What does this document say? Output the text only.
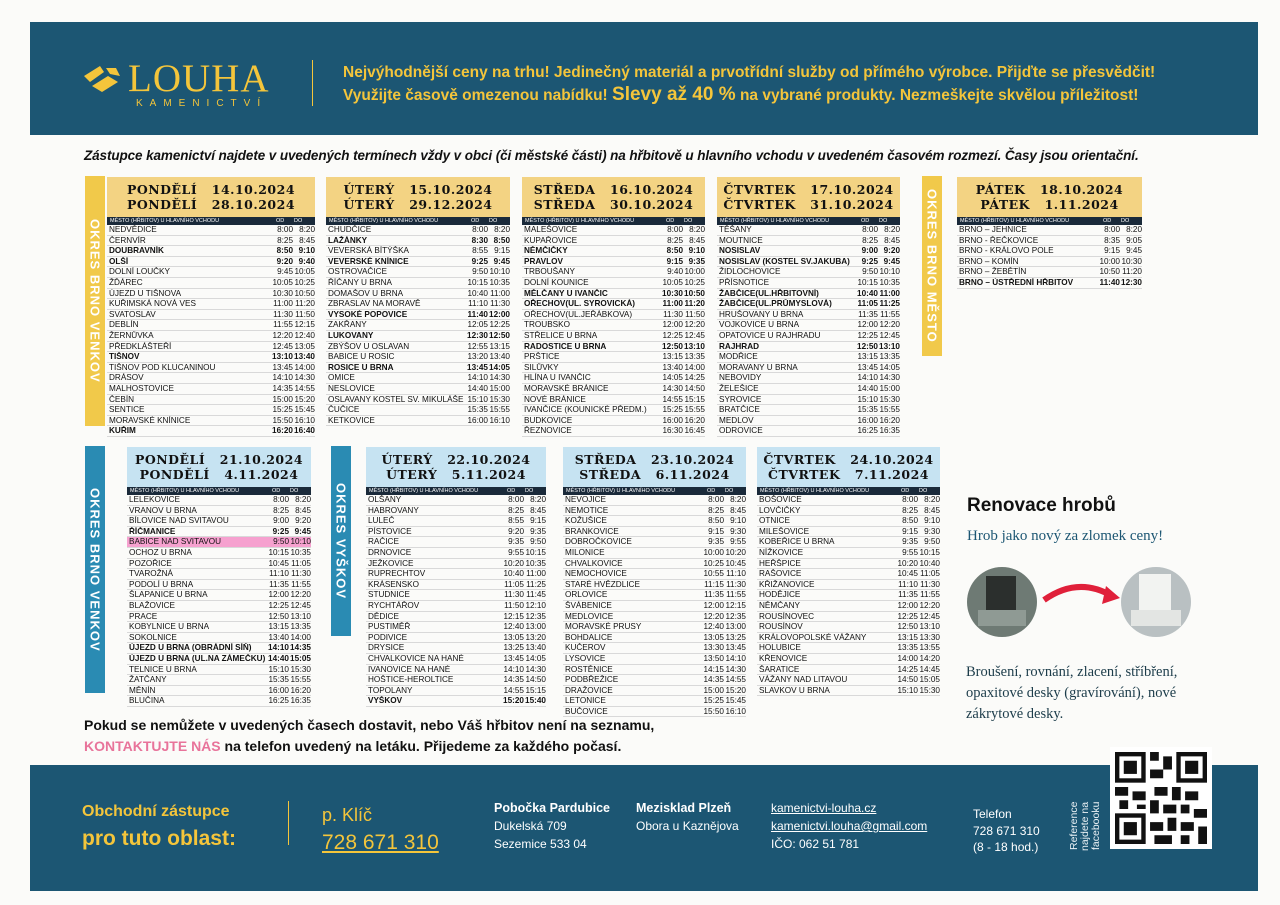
LOUHA
KAMENICTVÍ
Nejvýhodnější ceny na trhu! Jedinečný materiál a prvotřídní služby od přímého výrobce. Přijďte se přesvědčit!
Využijte časově omezenou nabídku! Slevy až 40 % na vybrané produkty. Nezmeškejte skvělou příležitost!
Zástupce kamenictví najdete v uvedených termínech vždy v obci (či městské části) na hřbitově u hlavního vchodu v uvedeném časovém rozmezí. Časy jsou orientační.
OKRES BRNO VENKOV	OKRES BRNO MĚSTO
OKRES BRNO VENKOV	OKRES VYŠKOV
PONDĚLÍ   14.10.2024
PONDĚLÍ   28.10.2024
MĚSTO (HŘBITOV) U HLAVNÍHO VCHODU	OD	DO
NEDVĚDICE	8:00 8:20
ČERNVÍR	8:25 8:45
DOUBRAVNÍK	8:50 9:10
OLŠÍ	9:20 9:40
DOLNÍ LOUČKY	9:45 10:05
ŽĎÁREC	10:05 10:25
ÚJEZD U TIŠNOVA	10:30 10:50
KUŘIMSKÁ NOVÁ VES	11:00 11:20
SVATOSLAV	11:30 11:50
DEBLÍN	11:55 12:15
ŽERNŮVKA	12:20 12:40
PŘEDKLÁŠTEŘÍ	12:45 13:05
TIŠNOV	13:10 13:40
TIŠNOV POD KLUCANINOU	13:45 14:00
DRÁSOV	14:10 14:30
MALHOSTOVICE	14:35 14:55
ČEBÍN	15:00 15:20
SENTICE	15:25 15:45
MORAVSKÉ KNÍNICE	15:50 16:10
KUŘIM	16:20 16:40
ÚTERÝ   15.10.2024
ÚTERÝ   29.12.2024
MĚSTO (HŘBITOV) U HLAVNÍHO VCHODU	OD	DO
CHUDČICE	8:00 8:20
LAŽÁNKY	8:30 8:50
VEVERSKÁ BÍTÝŠKA	8:55 9:15
VEVERSKÉ KNÍNICE	9:25 9:45
OSTROVAČICE	9:50 10:10
ŘÍČANY U BRNA	10:15 10:35
DOMAŠOV U BRNA	10:40 11:00
ZBRASLAV NA MORAVĚ	11:10 11:30
VYSOKÉ POPOVICE	11:40 12:00
ZAKŘANY	12:05 12:25
LUKOVANY	12:30 12:50
ZBÝŠOV U OSLAVAN	12:55 13:15
BABICE U ROSIC	13:20 13:40
ROSICE U BRNA	13:45 14:05
OMICE	14:10 14:30
NESLOVICE	14:40 15:00
OSLAVANY KOSTEL SV. MIKULÁŠE 15:10 15:30
ČUČICE	15:35 15:55
KETKOVICE	16:00 16:10
STŘEDA   16.10.2024
STŘEDA   30.10.2024
MĚSTO (HŘBITOV) U HLAVNÍHO VCHODU	OD	DO
MALEŠOVICE	8:00 8:20
KUPAŘOVICE	8:25 8:45
NĚMČIČKY	8:50 9:10
PRAVLOV	9:15 9:35
TRBOUŠANY	9:40 10:00
DOLNÍ KOUNICE	10:05 10:25
MĚLČANY U IVANČIC	10:30 10:50
OŘECHOV(UL. SYROVICKÁ)	11:00 11:20
OŘECHOV(UL.JEŘÁBKOVA)	11:30 11:50
TROUBSKO	12:00 12:20
STŘELICE U BRNA	12:25 12:45
RADOSTICE U BRNA	12:50 13:10
PRŠTICE	13:15 13:35
SILŮVKY	13:40 14:00
HLÍNA U IVANČIC	14:05 14:25
MORAVSKÉ BRÁNICE	14:30 14:50
NOVÉ BRÁNICE	14:55 15:15
IVANČICE (KOUNICKÉ PŘEDM.)	15:25 15:55
BUDKOVICE	16:00 16:20
ŘEZNOVICE	16:30 16:45
ČTVRTEK   17.10.2024
ČTVRTEK   31.10.2024
MĚSTO (HŘBITOV) U HLAVNÍHO VCHODU	OD	DO
TĚŠANY	8:00 8:20
MOUTNICE	8:25 8:45
NOSISLAV	9:00 9:20
NOSISLAV (KOSTEL SV.JAKUBA)	9:25 9:45
ŽIDLOCHOVICE	9:50 10:10
PŘÍSNOTICE	10:15 10:35
ŽABČICE(UL.HŘBITOVNÍ)	10:40 11:00
ŽABČICE(UL.PRŮMYSLOVÁ)	11:05 11:25
HRUŠOVANY U BRNA	11:35 11:55
VOJKOVICE U BRNA	12:00 12:20
OPATOVICE U RAJHRADU	12:25 12:45
RAJHRAD	12:50 13:10
MODŘICE	13:15 13:35
MORAVANY U BRNA	13:45 14:05
NEBOVIDY	14:10 14:30
ŽELEŠICE	14:40 15:00
SYROVICE	15:10 15:30
BRATČICE	15:35 15:55
MEDLOV	16:00 16:20
ODROVICE	16:25 16:35
PÁTEK   18.10.2024
PÁTEK   1.11.2024
MĚSTO (HŘBITOV) U HLAVNÍHO VCHODU	OD	DO
BRNO – JEHNICE	8:00 8:20
BRNO - ŘEČKOVICE	8:35 9:05
BRNO - KRÁLOVO POLE	9:15 9:45
BRNO – KOMÍN	10:00 10:30
BRNO – ŽEBĚTÍN	10:50 11:20
BRNO – ÚSTŘEDNÍ HŘBITOV	11:40 12:30
PONDĚLÍ   21.10.2024
PONDĚLÍ   4.11.2024
MĚSTO (HŘBITOV) U HLAVNÍHO VCHODU	OD	DO
LELEKOVICE	8:00 8:20
VRANOV U BRNA	8:25 8:45
BÍLOVICE NAD SVITAVOU	9:00 9:20
ŘÍČMANICE	9:25 9:45
BABICE NAD SVITAVOU	9:50 10:10
OCHOZ U BRNA	10:15 10:35
POZOŘICE	10:45 11:05
TVAROŽNÁ	11:10 11:30
PODOLÍ U BRNA	11:35 11:55
ŠLAPANICE U BRNA	12:00 12:20
BLAŽOVICE	12:25 12:45
PRACE	12:50 13:10
KOBYLNICE U BRNA	13:15 13:35
SOKOLNICE	13:40 14:00
ÚJEZD U BRNA (OBRÁDNÍ SÍŇ)	14:10 14:35
ÚJEZD U BRNA (UL.NA ZÁMEČKU) 14:40 15:05
TELNICE U BRNA	15:10 15:30
ŽATČANY	15:35 15:55
MĚNÍN	16:00 16:20
BLUČINA	16:25 16:35
ÚTERÝ   22.10.2024
ÚTERÝ   5.11.2024
MĚSTO (HŘBITOV) U HLAVNÍHO VCHODU	OD	DO
OLŠANY	8:00 8:20
HABROVANY	8:25 8:45
LULEČ	8:55 9:15
PÍSTOVICE	9:20 9:35
RAČICE	9:35 9:50
DRNOVICE	9:55 10:15
JEŽKOVICE	10:20 10:35
RUPRECHTOV	10:40 11:00
KRÁSENSKO	11:05 11:25
STUDNICE	11:30 11:45
RYCHTÁŘOV	11:50 12:10
DĚDICE	12:15 12:35
PUSTIMĚŘ	12:40 13:00
PODIVICE	13:05 13:20
DRYSICE	13:25 13:40
CHVALKOVICE NA HANÉ	13:45 14:05
IVANOVICE NA HANÉ	14:10 14:30
HOŠTICE-HEROLTICE	14:35 14:50
TOPOLANY	14:55 15:15
VYŠKOV	15:20 15:40
STŘEDA   23.10.2024
STŘEDA   6.11.2024
MĚSTO (HŘBITOV) U HLAVNÍHO VCHODU	OD	DO
NEVOJICE	8:00 8:20
NEMOTICE	8:25 8:45
KOŽUŠICE	8:50 9:10
BRANKOVICE	9:15 9:30
DOBROČKOVICE	9:35 9:55
MILONICE	10:00 10:20
CHVALKOVICE	10:25 10:45
NEMOCHOVICE	10:55 11:10
STARÉ HVĚZDLICE	11:15 11:30
ORLOVICE	11:35 11:55
ŠVÁBENICE	12:00 12:15
MEDLOVICE	12:20 12:35
MORAVSKÉ PRUSY	12:40 13:00
BOHDALICE	13:05 13:25
KUČEROV	13:30 13:45
LYSOVICE	13:50 14:10
ROSTĚNICE	14:15 14:30
PODBŘEŽICE	14:35 14:55
DRAŽOVICE	15:00 15:20
LETONICE	15:25 15:45
BUČOVICE	15:50 16:10
ČTVRTEK   24.10.2024
ČTVRTEK   7.11.2024
MĚSTO (HŘBITOV) U HLAVNÍHO VCHODU	OD	DO
BOŠOVICE	8:00 8:20
LOVČIČKY	8:25 8:45
OTNICE	8:50 9:10
MILEŠOVICE	9:15 9:30
KOBEŘICE U BRNA	9:35 9:50
NÍŽKOVICE	9:55 10:15
HEŘŠPICE	10:20 10:40
RAŠOVICE	10:45 11:05
KŘIŽANOVICE	11:10 11:30
HODĚJICE	11:35 11:55
NĚMČANY	12:00 12:20
ROUSÍNOVEC	12:25 12:45
ROUSÍNOV	12:50 13:10
KRÁLOVOPOLSKÉ VÁŽANY	13:15 13:30
HOLUBICE	13:35 13:55
KŘENOVICE	14:00 14:20
ŠARATICE	14:25 14:45
VÁŽANY NAD LITAVOU	14:50 15:05
SLAVKOV U BRNA	15:10 15:30
Renovace hrobů
Hrob jako nový za zlomek ceny!
Broušení, rovnání, zlacení, stříbření, opaxitové desky (gravírování), nové zákrytové desky.
Pokud se nemůžete v uvedených časech dostavit, nebo Váš hřbitov není na seznamu,
KONTAKTUJTE NÁS na telefon uvedený na letáku. Přijedeme za každého počasí.
Obchodní zástupce
pro tuto oblast:
p. Klíč
728 671 310
Pobočka Pardubice
Dukelská 709
Sezemice 533 04
Mezisklad Plzeň
Obora u Kaznějova
kamenictvi-louha.cz
kamenictvi.louha@gmail.com
IČO: 062 51 781
Telefon
728 671 310
(8 - 18 hod.)	Reference najdete na facebooku
